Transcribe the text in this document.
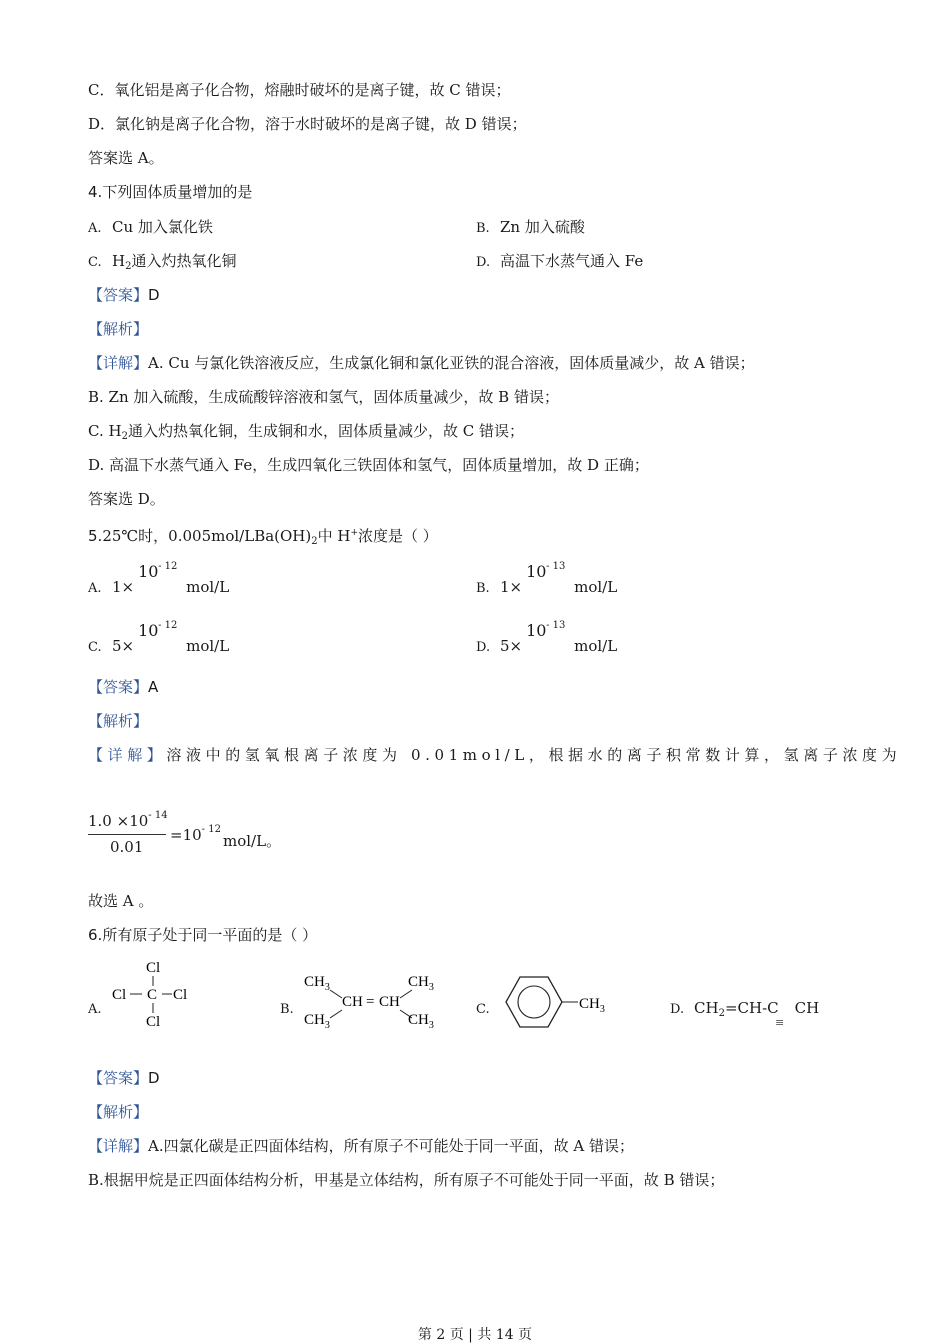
C．氧化铝是离子化合物，熔融时破坏的是离子键，故 C 错误；
D．氯化钠是离子化合物，溶于水时破坏的是离子键，故 D 错误；
答案选 A。
4.下列固体质量增加的是
A. Cu 加入氯化铁	B. Zn 加入硫酸
C. $H_2$通入灼热氧化铜	D. 高温下水蒸气通入 Fe
【答案】D
【解析】
【详解】A. Cu 与氯化铁溶液反应，生成氯化铜和氯化亚铁的混合溶液，固体质量减少，故 A 错误；
B. Zn 加入硫酸，生成硫酸锌溶液和氢气，固体质量减少，故 B 错误；
C. $H_2$通入灼热氧化铜，生成铜和水，固体质量减少，故 C 错误；
D. 高温下水蒸气通入 Fe，生成四氧化三铁固体和氢气，固体质量增加，故 D 正确；
答案选 D。
5.25℃时，$0.005mol/LBa(OH)_2$中 H+浓度是（ ）
A. 1×
10 - 12
mol/L	B. 1×
10 - 13
mol/L
C. 5×
10 - 12
mol/L	D. 5×
10 - 13
mol/L
【答案】A
【解析】
【详解】溶液中的氢氧根离子浓度为 0.01mol/L，根据水的离子积常数计算，氢离子浓度为
$1.0 \times 10^{- 14}$
0.01
$=10^{- 12}$
mol/L。
故选 A 。
6.所有原子处于同一平面的是（ ）
A.
Cl
Cl C Cl
Cl
B.
$CH_3$
CH = CH
$CH_3$
$CH_3$	$CH_3$
C.	$CH_3$	D. $CH_2=CH-C$ CH
≡
【答案】D
【解析】
【详解】A.四氯化碳是正四面体结构，所有原子不可能处于同一平面，故 A 错误；
B.根据甲烷是正四面体结构分析，甲基是立体结构，所有原子不可能处于同一平面，故 B 错误；
第 2 页 | 共 14 页
